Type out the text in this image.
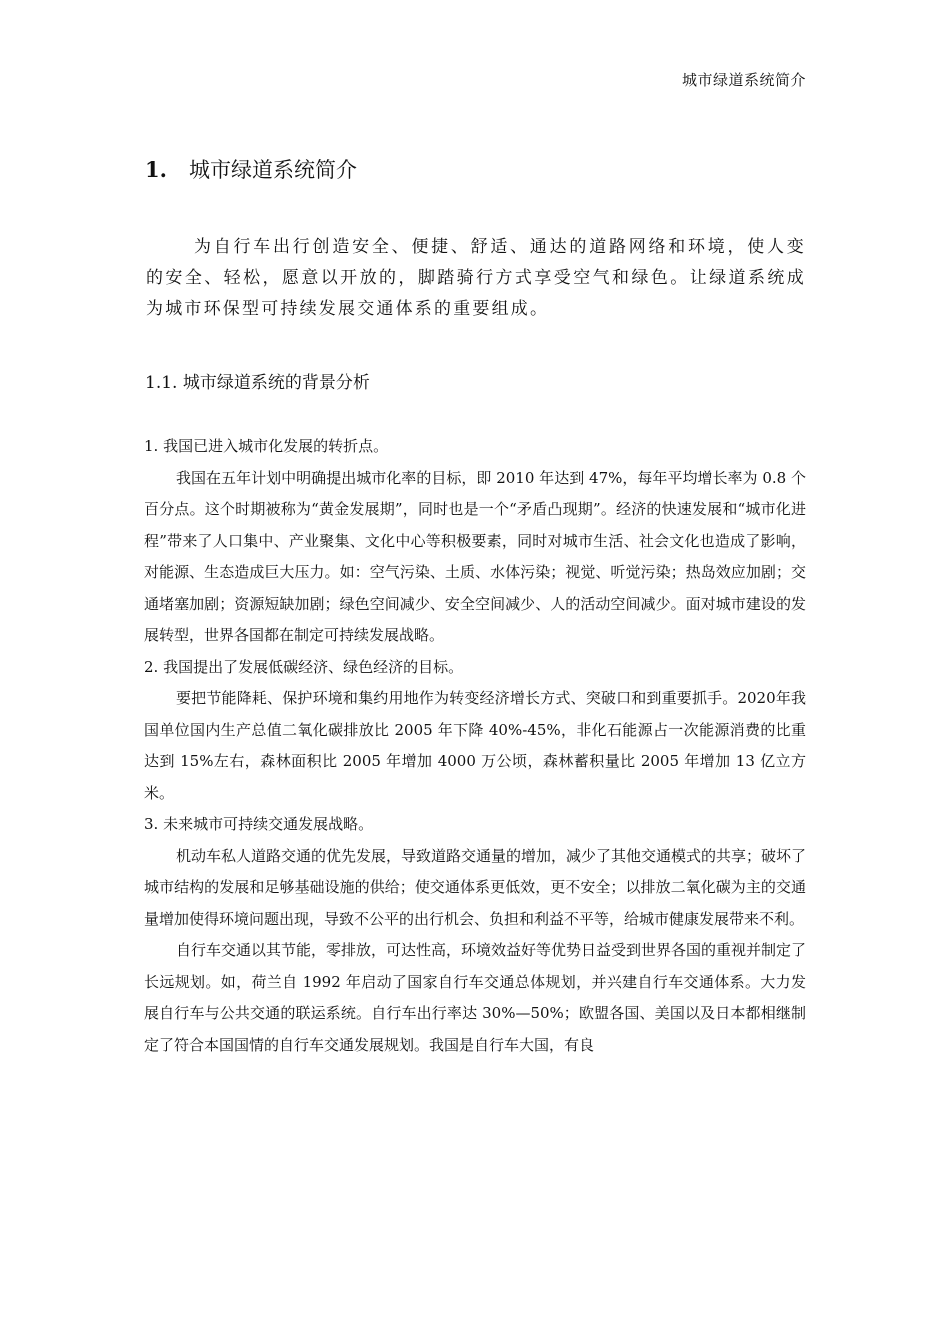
城市绿道系统简介
1. 城市绿道系统简介

为自行车出行创造安全、便捷、舒适、通达的道路网络和环境，使人变的安全、轻松，愿意以开放的，脚踏骑行方式享受空气和绿色。让绿道系统成为城市环保型可持续发展交通体系的重要组成。

1.1. 城市绿道系统的背景分析

1. 我国已进入城市化发展的转折点。

我国在五年计划中明确提出城市化率的目标，即 2010 年达到 47%，每年平均增长率为 0.8 个百分点。这个时期被称为“黄金发展期”，同时也是一个“矛盾凸现期”。经济的快速发展和“城市化进程”带来了人口集中、产业聚集、文化中心等积极要素，同时对城市生活、社会文化也造成了影响，对能源、生态造成巨大压力。如：空气污染、土质、水体污染；视觉、听觉污染；热岛效应加剧；交通堵塞加剧；资源短缺加剧；绿色空间减少、安全空间减少、人的活动空间减少。面对城市建设的发展转型，世界各国都在制定可持续发展战略。

2. 我国提出了发展低碳经济、绿色经济的目标。

要把节能降耗、保护环境和集约用地作为转变经济增长方式、突破口和到重要抓手。2020年我国单位国内生产总值二氧化碳排放比 2005 年下降 40%-45%，非化石能源占一次能源消费的比重达到 15%左右，森林面积比 2005 年增加 4000 万公顷，森林蓄积量比 2005 年增加 13 亿立方米。

3. 未来城市可持续交通发展战略。

机动车私人道路交通的优先发展，导致道路交通量的增加，减少了其他交通模式的共享；破坏了城市结构的发展和足够基础设施的供给；使交通体系更低效，更不安全；以排放二氧化碳为主的交通量增加使得环境问题出现，导致不公平的出行机会、负担和利益不平等，给城市健康发展带来不利。

自行车交通以其节能，零排放，可达性高，环境效益好等优势日益受到世界各国的重视并制定了长远规划。如，荷兰自 1992 年启动了国家自行车交通总体规划，并兴建自行车交通体系。大力发展自行车与公共交通的联运系统。自行车出行率达 30%—50%；欧盟各国、美国以及日本都相继制定了符合本国国情的自行车交通发展规划。我国是自行车大国，有良
